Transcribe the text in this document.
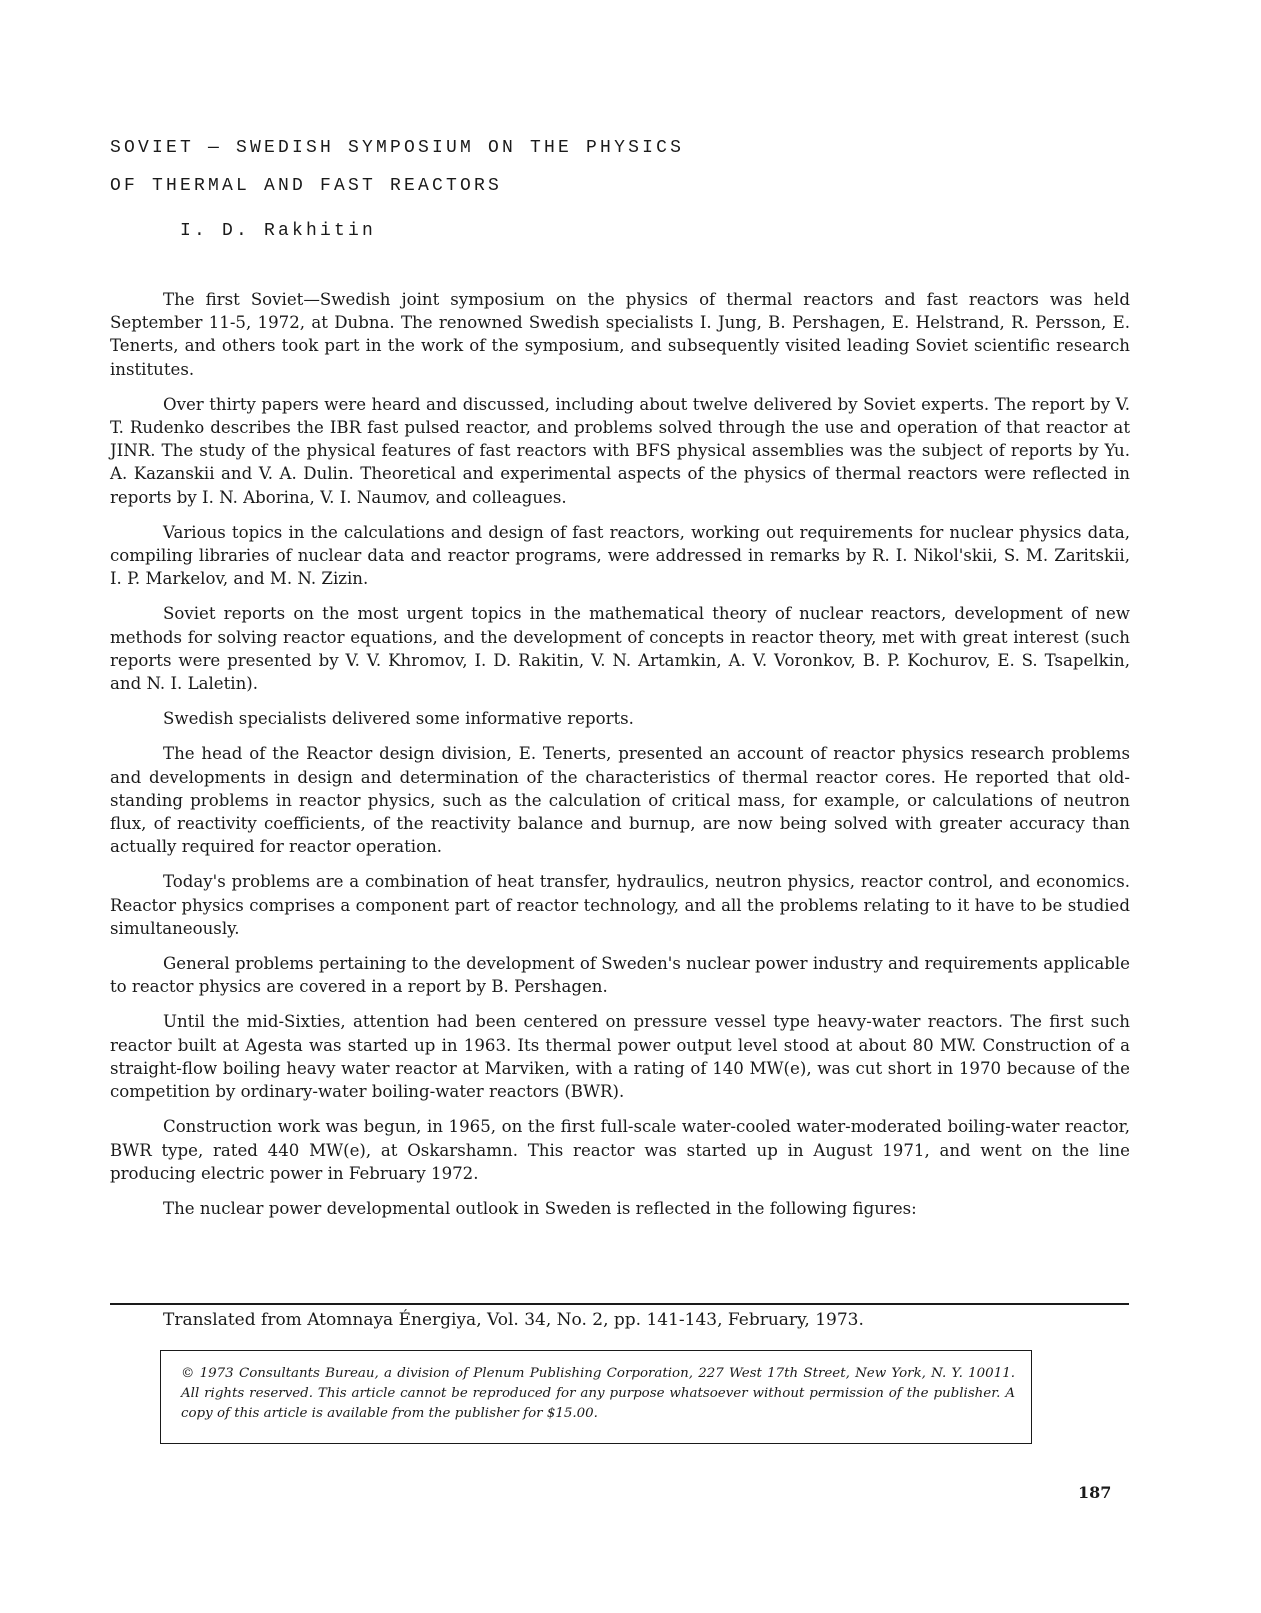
SOVIET — SWEDISH SYMPOSIUM ON THE PHYSICS
OF THERMAL AND FAST REACTORS
I. D. Rakhitin

The first Soviet—Swedish joint symposium on the physics of thermal reactors and fast reactors was held September 11-5, 1972, at Dubna. The renowned Swedish specialists I. Jung, B. Pershagen, E. Helstrand, R. Persson, E. Tenerts, and others took part in the work of the symposium, and subsequently visited leading Soviet scientific research institutes.

Over thirty papers were heard and discussed, including about twelve delivered by Soviet experts. The report by V. T. Rudenko describes the IBR fast pulsed reactor, and problems solved through the use and operation of that reactor at JINR. The study of the physical features of fast reactors with BFS physical assemblies was the subject of reports by Yu. A. Kazanskii and V. A. Dulin. Theoretical and experimental aspects of the physics of thermal reactors were reflected in reports by I. N. Aborina, V. I. Naumov, and colleagues.

Various topics in the calculations and design of fast reactors, working out requirements for nuclear physics data, compiling libraries of nuclear data and reactor programs, were addressed in remarks by R. I. Nikol'skii, S. M. Zaritskii, I. P. Markelov, and M. N. Zizin.

Soviet reports on the most urgent topics in the mathematical theory of nuclear reactors, development of new methods for solving reactor equations, and the development of concepts in reactor theory, met with great interest (such reports were presented by V. V. Khromov, I. D. Rakitin, V. N. Artamkin, A. V. Voronkov, B. P. Kochurov, E. S. Tsapelkin, and N. I. Laletin).

Swedish specialists delivered some informative reports.

The head of the Reactor design division, E. Tenerts, presented an account of reactor physics research problems and developments in design and determination of the characteristics of thermal reactor cores. He reported that old-standing problems in reactor physics, such as the calculation of critical mass, for example, or calculations of neutron flux, of reactivity coefficients, of the reactivity balance and burnup, are now being solved with greater accuracy than actually required for reactor operation.

Today's problems are a combination of heat transfer, hydraulics, neutron physics, reactor control, and economics. Reactor physics comprises a component part of reactor technology, and all the problems relating to it have to be studied simultaneously.

General problems pertaining to the development of Sweden's nuclear power industry and requirements applicable to reactor physics are covered in a report by B. Pershagen.

Until the mid-Sixties, attention had been centered on pressure vessel type heavy-water reactors. The first such reactor built at Agesta was started up in 1963. Its thermal power output level stood at about 80 MW. Construction of a straight-flow boiling heavy water reactor at Marviken, with a rating of 140 MW(e), was cut short in 1970 because of the competition by ordinary-water boiling-water reactors (BWR).

Construction work was begun, in 1965, on the first full-scale water-cooled water-moderated boiling-water reactor, BWR type, rated 440 MW(e), at Oskarshamn. This reactor was started up in August 1971, and went on the line producing electric power in February 1972.

The nuclear power developmental outlook in Sweden is reflected in the following figures:

Translated from Atomnaya Énergiya, Vol. 34, No. 2, pp. 141-143, February, 1973.
© 1973 Consultants Bureau, a division of Plenum Publishing Corporation, 227 West 17th Street, New York, N. Y. 10011. All rights reserved. This article cannot be reproduced for any purpose whatsoever without permission of the publisher. A copy of this article is available from the publisher for $15.00.
187
